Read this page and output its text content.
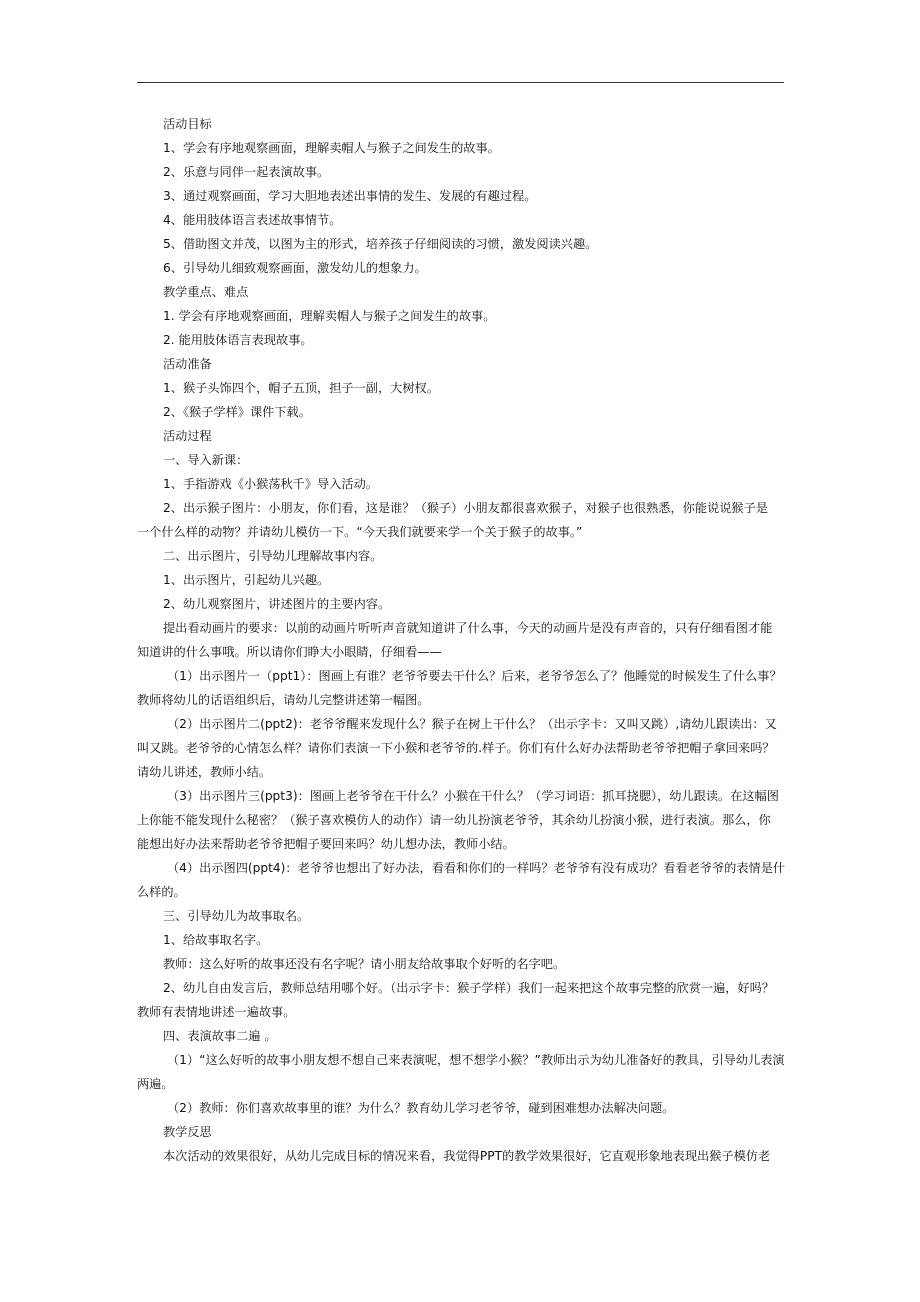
活动目标
1、学会有序地观察画面，理解卖帽人与猴子之间发生的故事。
2、乐意与同伴一起表演故事。
3、通过观察画面，学习大胆地表述出事情的发生、发展的有趣过程。
4、能用肢体语言表述故事情节。
5、借助图文并茂，以图为主的形式，培养孩子仔细阅读的习惯，激发阅读兴趣。
6、引导幼儿细致观察画面，激发幼儿的想象力。
教学重点、难点
1. 学会有序地观察画面，理解卖帽人与猴子之间发生的故事。
2. 能用肢体语言表现故事。
活动准备
1、猴子头饰四个，帽子五顶，担子一副，大树杈。
2、《猴子学样》课件下载。
活动过程
一、导入新课：
1、手指游戏《小猴荡秋千》导入活动。
2、出示猴子图片：小朋友，你们看，这是谁？（猴子）小朋友都很喜欢猴子，对猴子也很熟悉，你能说说猴子是
一个什么样的动物？并请幼儿模仿一下。“今天我们就要来学一个关于猴子的故事。”
二、出示图片，引导幼儿理解故事内容。
1、出示图片，引起幼儿兴趣。
2、幼儿观察图片，讲述图片的主要内容。
提出看动画片的要求：以前的动画片听听声音就知道讲了什么事，今天的动画片是没有声音的，只有仔细看图才能
知道讲的什么事哦。所以请你们睁大小眼睛，仔细看——
（1）出示图片一（ppt1）：图画上有谁？老爷爷要去干什么？后来，老爷爷怎么了？他睡觉的时候发生了什么事？
教师将幼儿的话语组织后，请幼儿完整讲述第一幅图。
（2）出示图片二(ppt2)：老爷爷醒来发现什么？猴子在树上干什么？（出示字卡：又叫又跳）,请幼儿跟读出：又
叫又跳。老爷爷的心情怎么样？请你们表演一下小猴和老爷爷的.样子。你们有什么好办法帮助老爷爷把帽子拿回来吗？
请幼儿讲述，教师小结。
（3）出示图片三(ppt3)：图画上老爷爷在干什么？小猴在干什么？（学习词语：抓耳挠腮），幼儿跟读。在这幅图
上你能不能发现什么秘密？（猴子喜欢模仿人的动作）请一幼儿扮演老爷爷，其余幼儿扮演小猴，进行表演。那么，你
能想出好办法来帮助老爷爷把帽子要回来吗？幼儿想办法，教师小结。
（4）出示图四(ppt4)：老爷爷也想出了好办法，看看和你们的一样吗？老爷爷有没有成功？看看老爷爷的表情是什
么样的。
三、引导幼儿为故事取名。
1、给故事取名字。
教师：这么好听的故事还没有名字呢？请小朋友给故事取个好听的名字吧。
2、幼儿自由发言后，教师总结用哪个好。（出示字卡：猴子学样）我们一起来把这个故事完整的欣赏一遍，好吗？
教师有表情地讲述一遍故事。
四、表演故事二遍 。
（1）“这么好听的故事小朋友想不想自己来表演呢，想不想学小猴？”教师出示为幼儿准备好的教具，引导幼儿表演
两遍。
（2）教师：你们喜欢故事里的谁？为什么？教育幼儿学习老爷爷，碰到困难想办法解决问题。
教学反思
本次活动的效果很好，从幼儿完成目标的情况来看，我觉得PPT的教学效果很好，它直观形象地表现出猴子模仿老
